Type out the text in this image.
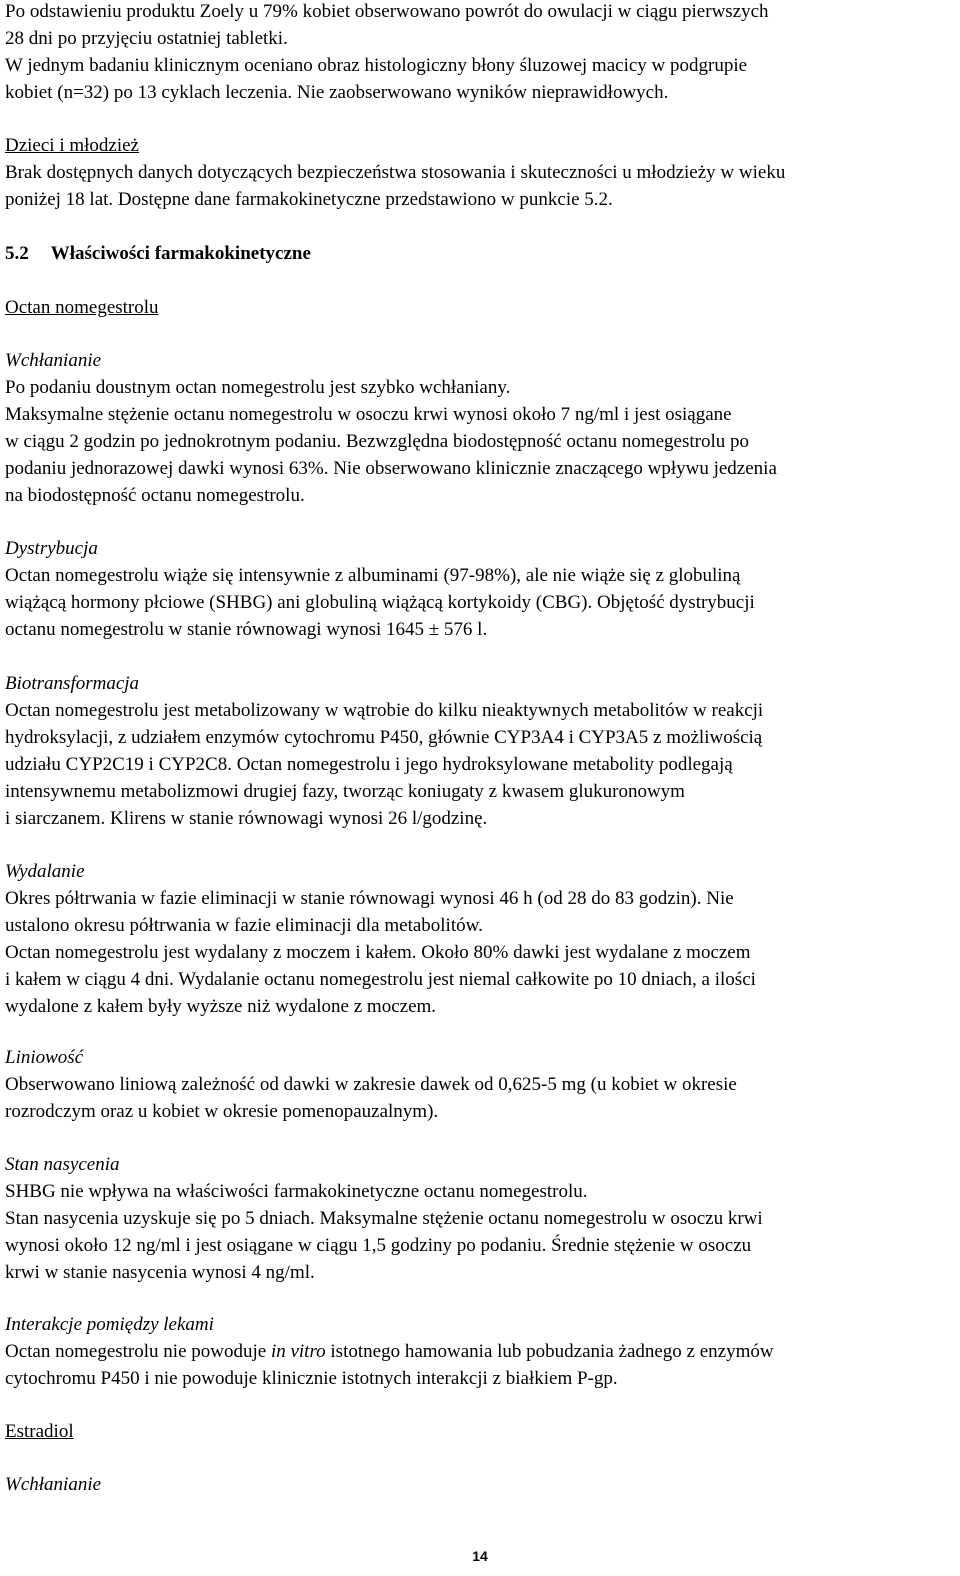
Po odstawieniu produktu Zoely u 79% kobiet obserwowano powrót do owulacji w ciągu pierwszych
28 dni po przyjęciu ostatniej tabletki.
W jednym badaniu klinicznym oceniano obraz histologiczny błony śluzowej macicy w podgrupie
kobiet (n=32) po 13 cyklach leczenia. Nie zaobserwowano wyników nieprawidłowych.
Dzieci i młodzież
Brak dostępnych danych dotyczących bezpieczeństwa stosowania i skuteczności u młodzieży w wieku
poniżej 18 lat. Dostępne dane farmakokinetyczne przedstawiono w punkcie 5.2.
5.2 Właściwości farmakokinetyczne
Octan nomegestrolu
Wchłanianie
Po podaniu doustnym octan nomegestrolu jest szybko wchłaniany.
Maksymalne stężenie octanu nomegestrolu w osoczu krwi wynosi około 7 ng/ml i jest osiągane
w ciągu 2 godzin po jednokrotnym podaniu. Bezwzględna biodostępność octanu nomegestrolu po
podaniu jednorazowej dawki wynosi 63%. Nie obserwowano klinicznie znaczącego wpływu jedzenia
na biodostępność octanu nomegestrolu.
Dystrybucja
Octan nomegestrolu wiąże się intensywnie z albuminami (97-98%), ale nie wiąże się z globuliną
wiążącą hormony płciowe (SHBG) ani globuliną wiążącą kortykoidy (CBG). Objętość dystrybucji
octanu nomegestrolu w stanie równowagi wynosi 1645 ± 576 l.
Biotransformacja
Octan nomegestrolu jest metabolizowany w wątrobie do kilku nieaktywnych metabolitów w reakcji
hydroksylacji, z udziałem enzymów cytochromu P450, głównie CYP3A4 i CYP3A5 z możliwością
udziału CYP2C19 i CYP2C8. Octan nomegestrolu i jego hydroksylowane metabolity podlegają
intensywnemu metabolizmowi drugiej fazy, tworząc koniugaty z kwasem glukuronowym
i siarczanem. Klirens w stanie równowagi wynosi 26 l/godzinę.
Wydalanie
Okres półtrwania w fazie eliminacji w stanie równowagi wynosi 46 h (od 28 do 83 godzin). Nie
ustalono okresu półtrwania w fazie eliminacji dla metabolitów.
Octan nomegestrolu jest wydalany z moczem i kałem. Około 80% dawki jest wydalane z moczem
i kałem w ciągu 4 dni. Wydalanie octanu nomegestrolu jest niemal całkowite po 10 dniach, a ilości
wydalone z kałem były wyższe niż wydalone z moczem.
Liniowość
Obserwowano liniową zależność od dawki w zakresie dawek od 0,625-5 mg (u kobiet w okresie
rozrodczym oraz u kobiet w okresie pomenopauzalnym).
Stan nasycenia
SHBG nie wpływa na właściwości farmakokinetyczne octanu nomegestrolu.
Stan nasycenia uzyskuje się po 5 dniach. Maksymalne stężenie octanu nomegestrolu w osoczu krwi
wynosi około 12 ng/ml i jest osiągane w ciągu 1,5 godziny po podaniu. Średnie stężenie w osoczu
krwi w stanie nasycenia wynosi 4 ng/ml.
Interakcje pomiędzy lekami
Octan nomegestrolu nie powoduje in vitro istotnego hamowania lub pobudzania żadnego z enzymów
cytochromu P450 i nie powoduje klinicznie istotnych interakcji z białkiem P-gp.
Estradiol
Wchłanianie
14
